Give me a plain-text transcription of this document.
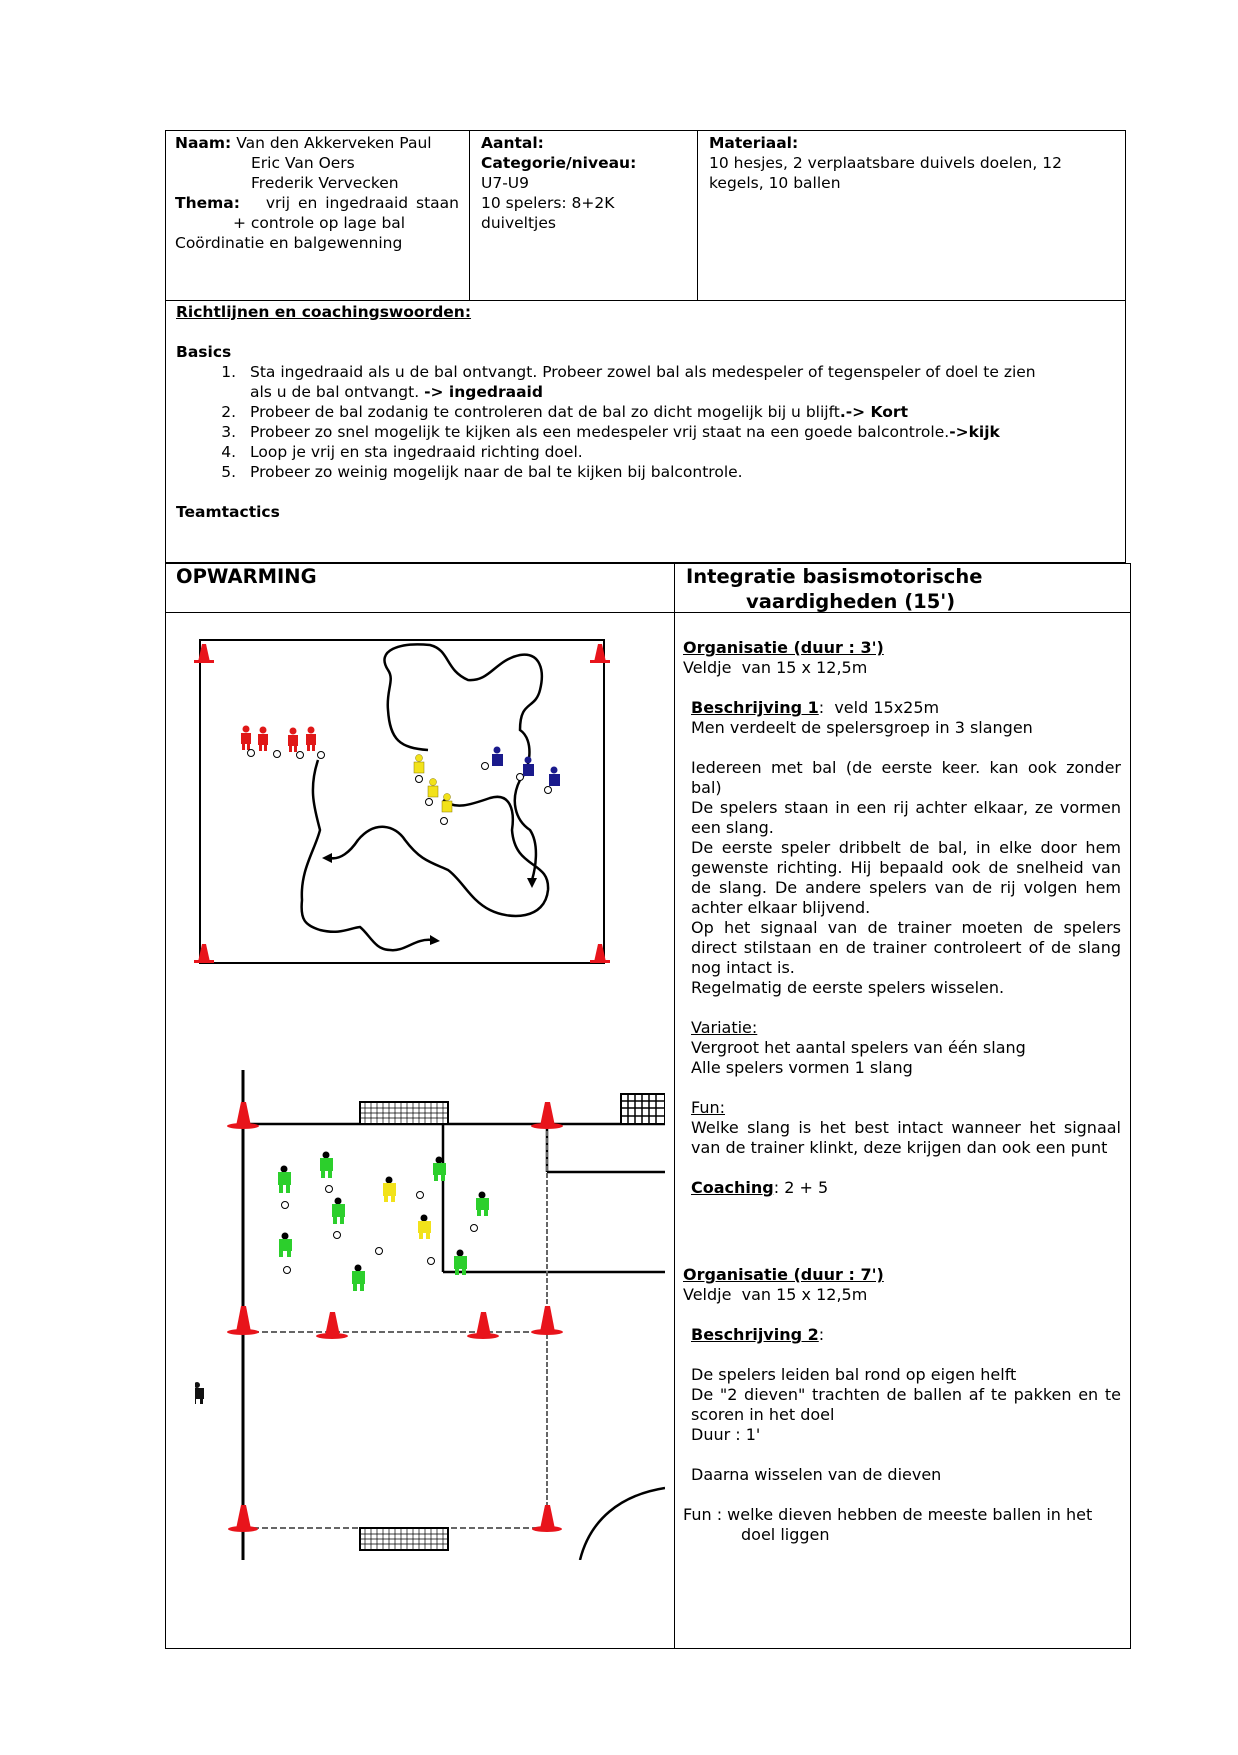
Naam: Van den Akkerveken Paul
Eric Van Oers
Frederik Vervecken
Thema: vrij en ingedraaid staan
+ controle op lage bal
Coördinatie en balgewenning
Aantal:
Categorie/niveau:
U7-U9
10 spelers: 8+2K
duiveltjes
Materiaal:
10 hesjes, 2 verplaatsbare duivels doelen, 12
kegels, 10 ballen
Richtlijnen en coachingswoorden:
Basics
1. Sta ingedraaid als u de bal ontvangt. Probeer zowel bal als medespeler of tegenspeler of doel te zien
als u de bal ontvangt. -> ingedraaid
2. Probeer de bal zodanig te controleren dat de bal zo dicht mogelijk bij u blijft.-> Kort
3. Probeer zo snel mogelijk te kijken als een medespeler vrij staat na een goede balcontrole.->kijk
4. Loop je vrij en sta ingedraaid richting doel.
5. Probeer zo weinig mogelijk naar de bal te kijken bij balcontrole.
Teamtactics
OPWARMING	Integratie basismotorische
vaardigheden (15')
Organisatie (duur : 3')
Veldje  van 15 x 12,5m
Beschrijving 1:  veld 15x25m
Men verdeelt de spelersgroep in 3 slangen
Iedereen met bal (de eerste keer. kan ook zonder bal)
De spelers staan in een rij achter elkaar, ze vormen een slang.
De eerste speler dribbelt de bal, in elke door hem gewenste richting. Hij bepaald ook de snelheid van de slang. De andere spelers van de rij volgen hem achter elkaar blijvend.
Op het signaal van de trainer moeten de spelers direct stilstaan en de trainer controleert of de slang nog intact is.
Regelmatig de eerste spelers wisselen.
Variatie:
Vergroot het aantal spelers van één slang
Alle spelers vormen 1 slang
Fun:
Welke slang is het best intact wanneer het signaal van de trainer klinkt, deze krijgen dan ook een punt
Coaching: 2 + 5
Organisatie (duur : 7')
Veldje  van 15 x 12,5m
Beschrijving 2:
De spelers leiden bal rond op eigen helft
De "2 dieven" trachten de ballen af te pakken en te scoren in het doel
Duur : 1'
Daarna wisselen van de dieven
Fun : welke dieven hebben de meeste ballen in het
doel liggen
